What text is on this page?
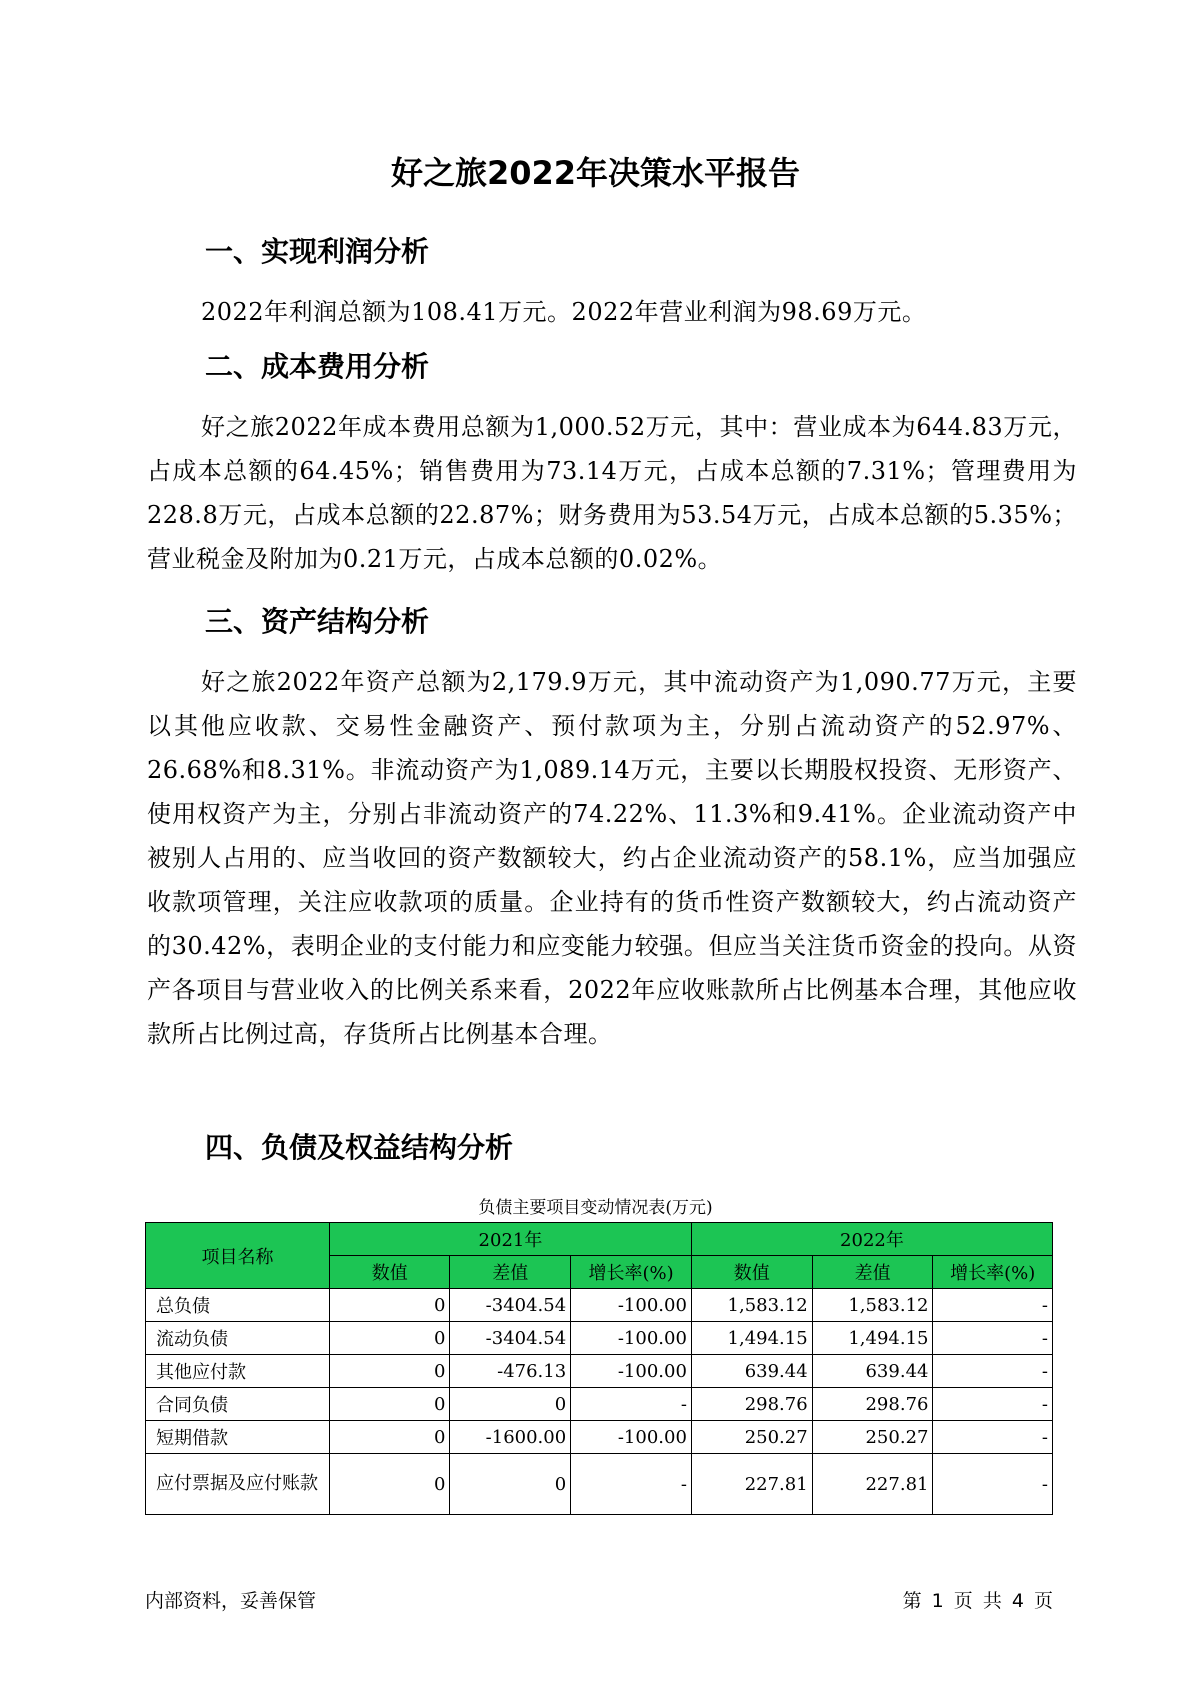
好之旅2022年决策水平报告
一、实现利润分析
2022年利润总额为108.41万元。2022年营业利润为98.69万元。
二、成本费用分析
好之旅2022年成本费用总额为1,000.52万元，其中：营业成本为644.83万元，占成本总额的64.45%；销售费用为73.14万元，占成本总额的7.31%；管理费用为228.8万元，占成本总额的22.87%；财务费用为53.54万元，占成本总额的5.35%；营业税金及附加为0.21万元，占成本总额的0.02%。
三、资产结构分析
好之旅2022年资产总额为2,179.9万元，其中流动资产为1,090.77万元，主要以其他应收款、交易性金融资产、预付款项为主，分别占流动资产的52.97%、26.68%和8.31%。非流动资产为1,089.14万元，主要以长期股权投资、无形资产、使用权资产为主，分别占非流动资产的74.22%、11.3%和9.41%。企业流动资产中被别人占用的、应当收回的资产数额较大，约占企业流动资产的58.1%，应当加强应收款项管理，关注应收款项的质量。企业持有的货币性资产数额较大，约占流动资产的30.42%，表明企业的支付能力和应变能力较强。但应当关注货币资金的投向。从资产各项目与营业收入的比例关系来看，2022年应收账款所占比例基本合理，其他应收款所占比例过高，存货所占比例基本合理。
四、负债及权益结构分析
负债主要项目变动情况表(万元)
项目名称	2021年			2022年		
	数值	差值	增长率(%)	数值	差值	增长率(%)
总负债	0	-3404.54	-100.00	1,583.12	1,583.12	-
流动负债	0	-3404.54	-100.00	1,494.15	1,494.15	-
其他应付款	0	-476.13	-100.00	639.44	639.44	-
合同负债	0	0	-	298.76	298.76	-
短期借款	0	-1600.00	-100.00	250.27	250.27	-
应付票据及应付账款	0	0	-	227.81	227.81	-
内部资料，妥善保管	第 1 页 共 4 页
